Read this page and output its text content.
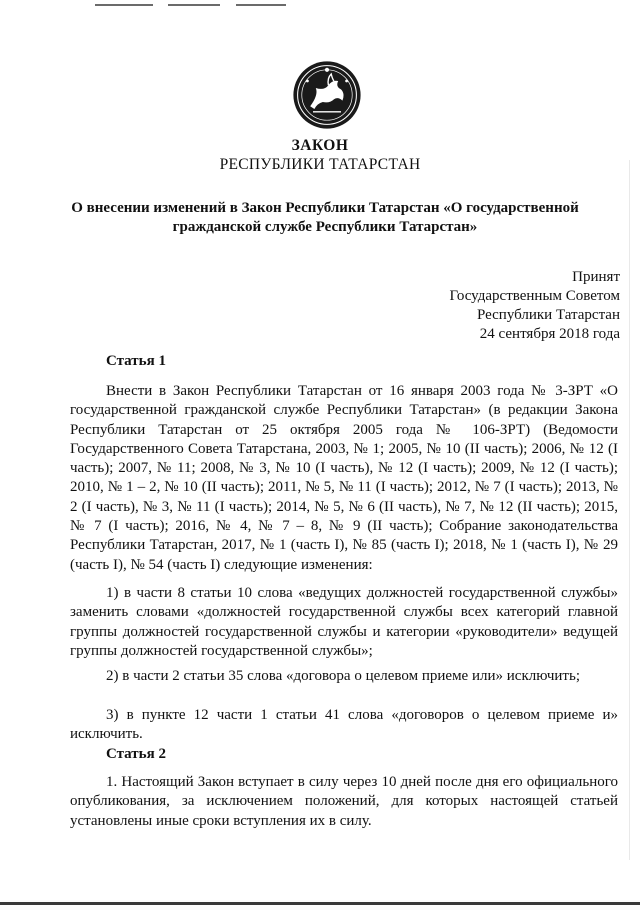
ЗАКОН
РЕСПУБЛИКИ ТАТАРСТАН
О внесении изменений в Закон Республики Татарстан «О государственной гражданской службе Республики Татарстан»
Принят
Государственным Советом
Республики Татарстан
24 сентября 2018 года
Статья 1

Внести в Закон Республики Татарстан от 16 января 2003 года № 3-ЗРТ «О государственной гражданской службе Республики Татарстан» (в редакции Закона Республики Татарстан от 25 октября 2005 года № 106-ЗРТ) (Ведомости Государственного Совета Татарстана, 2003, № 1; 2005, № 10 (II часть); 2006, № 12 (I часть); 2007, № 11; 2008, № 3, № 10 (I часть), № 12 (I часть); 2009, № 12 (I часть); 2010, № 1 – 2, № 10 (II часть); 2011, № 5, № 11 (I часть); 2012, № 7 (I часть); 2013, № 2 (I часть), № 3, № 11 (I часть); 2014, № 5, № 6 (II часть), № 7, № 12 (II часть); 2015, № 7 (I часть); 2016, № 4, № 7 – 8, № 9 (II часть); Собрание законодательства Республики Татарстан, 2017, № 1 (часть I), № 85 (часть I); 2018, № 1 (часть I), № 29 (часть I), № 54 (часть I) следующие изменения:

1) в части 8 статьи 10 слова «ведущих должностей государственной службы» заменить словами «должностей государственной службы всех категорий главной группы должностей государственной службы и категории «руководители» ведущей группы должностей государственной службы»;

2) в части 2 статьи 35 слова «договора о целевом приеме или» исключить;

3) в пункте 12 части 1 статьи 41 слова «договоров о целевом приеме и» исключить.

Статья 2

1. Настоящий Закон вступает в силу через 10 дней после дня его официального опубликования, за исключением положений, для которых настоящей статьей установлены иные сроки вступления их в силу.
